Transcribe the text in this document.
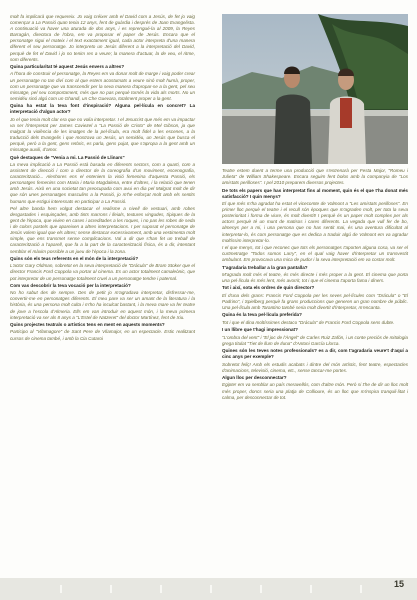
molt fa implicarà que requereix. Jo vaig créixer amb el David com a Jesús, de fet jo vaig començar a La Passió quan tenia 12 anys, fent de guàrdia i després de Joan Evangelista. A continuació va haver una aturada de dos anys, i es reprengué-la al 2009, la Reyes Barragán, directora de l'obra, em va proposar el paper de Jesús. Encara que el personatge sigui el mateix i el text exactament igual, cada actor interpreta d'una manera diferent el seu personatge. Jo interpreto un Jesús diferent a la interpretació del David, perquè de fet el David i jo no tenim res a veure; la manera d'actuar, la de veu, el ritme, som diferents.

Quina particularitat té aquest Jesús envers a altres?

A l'hora de construir el personatge, la Reyes em va donar molt de marge i vaig poder crear un personatge no tan diví com al que estem acostumats a veure sinó molt humà, proper, com un personatge que va transcendir per la seva manera d'apropar-se a la gent, pel seu missatge, pel seu comportament, més que no pas perquè tornés la vida als morts. No un semidéu sinó algú com un Ghandi, un Che Guevara, totalment proper a la gent.

Quina ha estat la teva font d'inspiració? Alguna pel·lícula en concret? La interpretació d'algun actor?

Jo el que tenia molt clar era que no volia interpretar. I el Jesucrist que més em va impactar va ser l'interpretat per James Caviezel a "La Passió de Cristo" de Mel Gibson, ja que malgrat la violència de les imatges de la pel·lícula, era molt fidel a les escenes, a la traducció dels Evangelis i que mostrava un Jesús, un semidéu, un Jesús que busca el perquè, però a la gent, gens retòric, es parla, gens pujat, que s'apropa a la gent amb un missatge auxili, d'amor.

Què destaques de "Venia a mi. La Passió de Llinars"

La meva implicació a La Passió està basada en diferents sectors, com a quarti, com a assistent de direcció i com a director de la coreografia d'un moviment, escenografia, caracterització... Aleshores ens el enteniem la visió femenina d'aquesta Passió, els personatges femenins com Maria i Maria Magdalena, entre d'altres, i la relació que tenen amb Jesús. Això en una societat tan preocupada com avui en dia pel Malgrat molt de dir que són unes personatges masculins a la Passió, jo m'he esforçat molt amb els sentits humans que estigui interessats en participar a La Passió.

Pel altre banda hem volgut destacar el realisme a nivell de vestuari, amb robes desgastades i esquinçades, amb tints marrons i lleials, textures vingudes, típiques de la gent de l'època, que vivien en cases i acreditades a les roques, i no pas les robes de seda i de colors pastels que apareixen a altres interpretacions. I per suposat el personatge de Jesús volem igual que els altres; sense destacar excessivament, amb una vestimenta molt simple, que ens transmet sense complicacions. Val a dir que s'han fet un treball de caracterització a l'aparell, que fa a la part de la caracterització física, és a dir, intentant semblar el màxim possible a un jueu de l'època i la zona.

Quins són els teus referents en el món de la interpretació?

L'actor Gary Oldman, sobretot en la seva interpretació de "Drácula" de Bram Stoker que el director Francis Ford Coppola va portar al cinema. Es un actor totalment camaleònic, que pot interpretar de un personatge totalment cruel a un personatge tendre i paternal.

Com vas descobrir la teva vocació per la interpretació?

No ho sabut des de sempre. Des de petit jo m'agradava interpretar, disfressar-me, convertir-me en personatges diferents. El meu pare va ser un amant de la literatura i la història, és una persona molt culta i m'ho ha inculcat bastant, i la meva mare va fer teatre de jove a l'escola d'Almeria. Ells em van introduir en aquest món, i la meva primera interpretació va ser als 8 anys a "L'Estel de Natzeret" del doctor Martínez, fent de Xiu.

Quins projectes teatrals o artístics tens en ment en aquests moments?

Participo al "Vilamagore" de Sant Pere de Vilamajor, en un espectacle. Estic realitzant cursos de cinema també, i amb la Cia Cutaroi

Teatre estem duent a terme una producció que s'estrenarà per Festa Major, "Romeu i Julieta" de William Shakespeare. Encara seguim fent bolos amb la companyia de "Los amistats perilloses". I pel 2010 preparem diversos projectes.

De tots els papers que has interpretat fins al moment, quin és el que t'ha donat més satisfacció? I quin menys?

El que més m'ha agradat ha estat el vicecomte de Valmont a "Les amistats perilloses". En primer lloc perquè el teatre i el recull són èpoques que m'agraden molt, per tota la seva posterioritat i forma de viure, és molt divertit! I perquè és un paper molt complex per als actors perquè té un munt de matisos i cares diferents. La vegada que vull fer de bo, almenys per a mi, i una persona que no has sentit mai, és una aventura dificultat al interpretar-lo, és com personatge que es dedica a traduir algú de Valmont em va agradar moltíssim interpretar-lo.

I el que menys, tot i que reconec que tots els personatges t'aporten alguna cosa, va ser el curtmetratge "Todos somos Larry", en el qual vaig haver d'interpretar un transvestit ambulant. Em provocava una mica de pudor i la seva interpretació em va costar molt.

T'agradaria treballar a la gran pantalla?

M'agrada molt més el teatre, és més directe i més proper a la gent. El cinema que porta una pel·lícula és més lent, més avorrit, tot i que el cinema t'aporta fama i diners.

Tot i així, sota els ordres de quin director?

El d'una dels grans: Francis Ford Coppola per les seves pel·lícules com "Drácula" o "El Padrino", i Spielberg perquè fa grans produccions que generen un gran nombre de públic. Una pel·lícula amb Tarantino també seria molt divertit d'interpretar, m'encanta.

Quina és la teva pel·lícula preferida?

Tot i que el dina moltíssimes destaco "Drácula" de Francis Ford Coppola sens dubte.

I un llibre que t'hagi impressionat?

"L'ombra del vent" i "El joc de l'Àngel" de Carles Ruiz Zafón, i un conte preciós de mitologia grega titulat "Tiet de llum de Iluna" d'Antoni García Llorca.

Quines són les teves notes professionals? es a dir, com t'agradaria veure't d'aquí a cinc anys per exemple?

Sobretot feliç! Amb els estudis acabats i dintre del món artístic, fent teatre, espectacles d'animacions, televisió, cinema, etc., sense tancar-me portes.

Algun lloc per desconnectar?

Egipte! em va semblar un país meravellós, com d'altre món. Però si t'he de dir un lloc molt més proper, doncs seria una platja de Collioure, és un lloc que m'inspira tranquil·litat i calma, per desconnectar de tot.

15
